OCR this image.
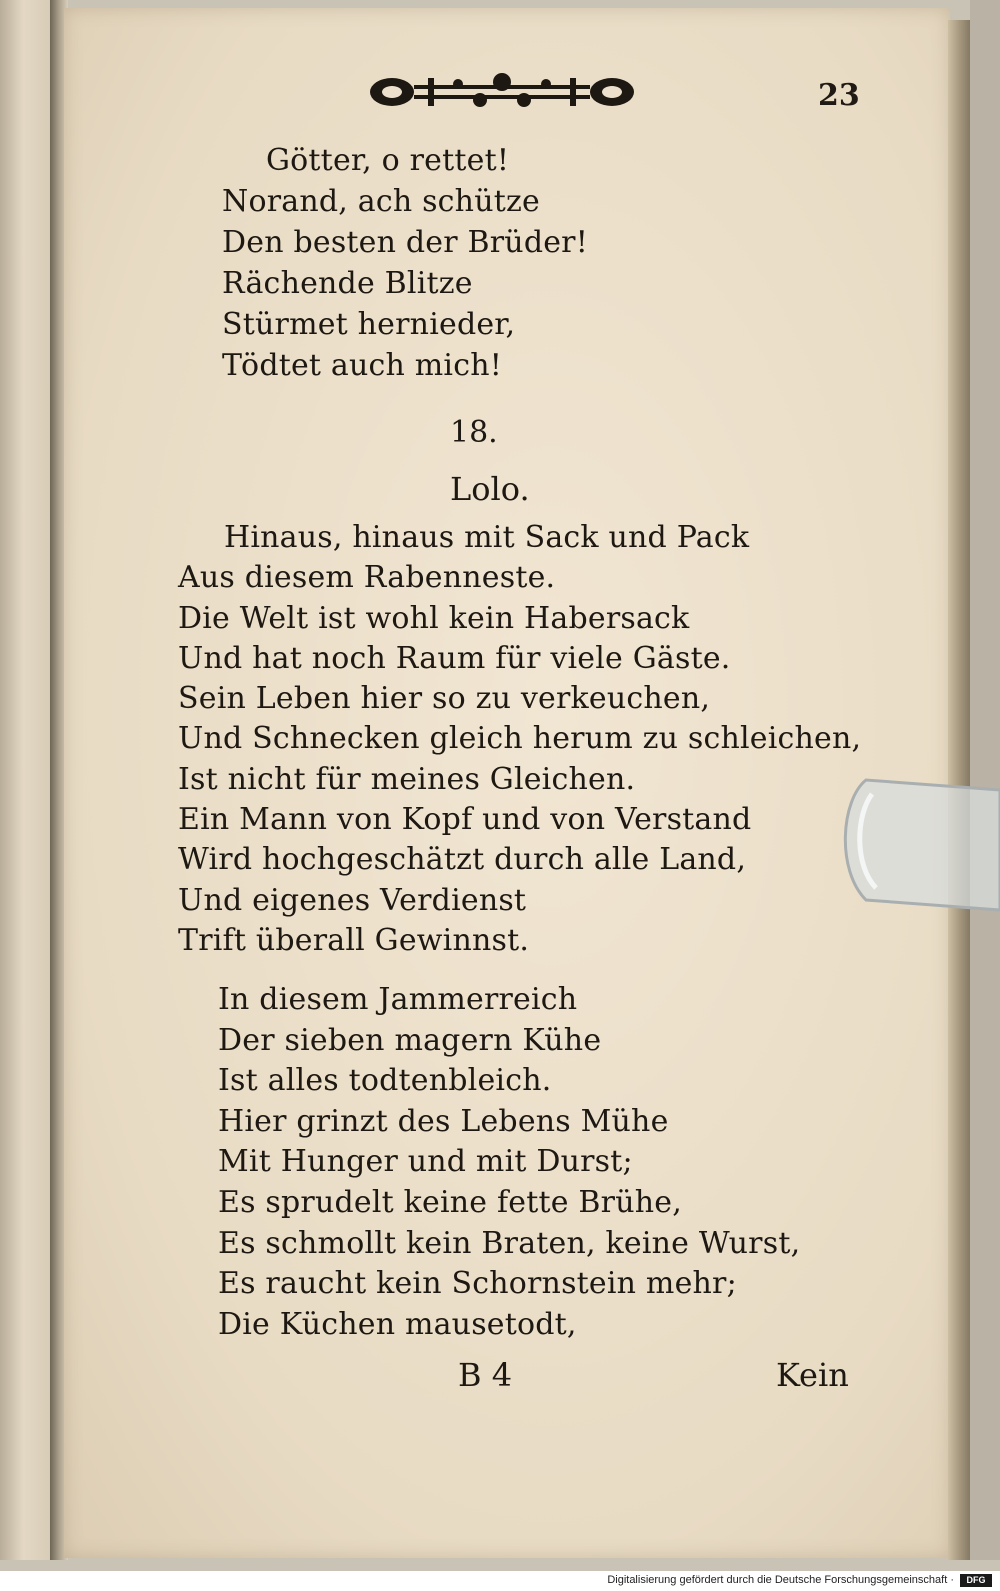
23
Götter, o rettet!
Norand, ach schütze
Den besten der Brüder!
Rächende Blitze
Stürmet hernieder,
Tödtet auch mich!
18.
Lolo.
Hinaus, hinaus mit Sack und Pack
Aus diesem Rabenneste.
Die Welt ist wohl kein Habersack
Und hat noch Raum für viele Gäste.
Sein Leben hier so zu verkeuchen,
Und Schnecken gleich herum zu schleichen,
Ist nicht für meines Gleichen.
Ein Mann von Kopf und von Verstand
Wird hochgeschätzt durch alle Land,
Und eigenes Verdienst
Trift überall Gewinnst.
In diesem Jammerreich
Der sieben magern Kühe
Ist alles todtenbleich.
Hier grinzt des Lebens Mühe
Mit Hunger und mit Durst;
Es sprudelt keine fette Brühe,
Es schmollt kein Braten, keine Wurst,
Es raucht kein Schornstein mehr;
Die Küchen mausetodt,
B 4	Kein
Digitalisierung gefördert durch die Deutsche Forschungsgemeinschaft ·	DFG
